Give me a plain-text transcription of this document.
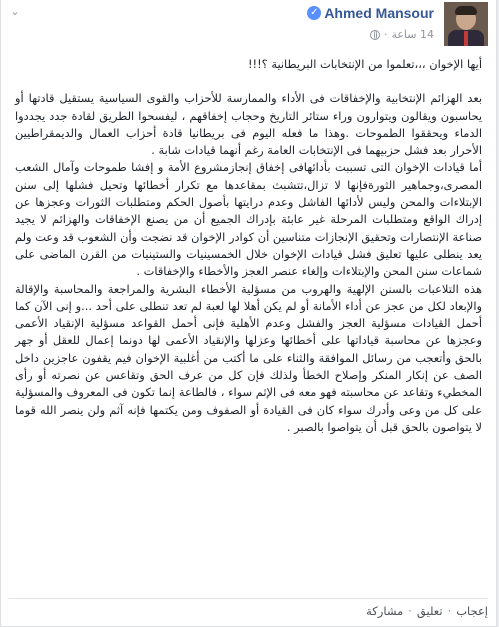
Ahmed Mansour
✓
14 ساعة
·
⌄

أيها الإخوان ،،،تعلموا من الإنتخابات البريطانية ؟!!!

بعد الهزائم الإنتخابية والإخفاقات فى الأداء والممارسة للأحزاب والقوى السياسية يستقيل قادتها أو يحاسبون ويقالون ويتوارون وراء ستائر التاريخ وحجاب إخفاقهم ، ليفسحوا الطريق لقادة جدد يجددوا الدماء ويحققوا الطموحات .وهذا ما فعله اليوم فى بريطانيا قادة أحزاب العمال والديمقراطيين الأحرار بعد فشل حزبيهما فى الإنتخابات العامة رغم أنهما قيادات شابة .

أما قيادات الإخوان التى تسببت بأدائهافى إخفاق إنجازمشروع الأمة و إفشا طموحات وآمال الشعب المصرى،وجماهير الثورةفإنها لا تزال،تتشبث بمقاعدها مع تكرار أخطائها وتحيل فشلها إلى سنن الإبتلاءات والمحن وليس لأدائها الفاشل وعدم درايتها بأصول الحكم ومتطلبات الثورات وعجزها عن إدراك الواقع ومتطلبات المرحلة غير عابئة بإدراك الجميع أن من يصنع الإخفاقات والهزائم لا يجيد صناعة الإنتصارات وتحقيق الإنجازات متناسين أن كوادر الإخوان قد نضجت وأن الشعوب قد وعت ولم يعد ينطلى عليها تعليق فشل قيادات الإخوان خلال الخمسينيات والستينيات من القرن الماضى على شماعات سنن المحن والإبتلاءات وإلغاء عنصر العجز والأخطاء والإخفاقات .

هذه التلاعبات بالسنن الإلهية والهروب من مسؤلية الأخطاء البشرية والمراجعة والمحاسبة والإقالة والإبعاد لكل من عجز عن أداء الأمانة أو لم يكن أهلا لها لعبة لم تعد تنطلى على أحد ...و إنى الآن كما أحمل القيادات مسؤلية العجز والفشل وعدم الأهلية فإنى أحمل القواعد مسؤلية الإنقياد الأعمى وعجزها عن محاسبة قياداتها على أخطائها وعزلها والإنقياد الأعمى لها دونما إعمال للعقل أو جهر بالحق وأتعجب من رسائل الموافقة والثناء على ما أكتب من أغلبية الإخوان فيم يقفون عاجزين داخل الصف عن إنكار المنكر وإصلاح الخطأ ولذلك فإن كل من عرف الحق وتقاعس عن نصرته أو رأى المخطيء وتقاعد عن محاسبته فهو معه فى الإثم سواء ، فالطاعة إنما تكون فى المعروف والمسؤلية على كل من وعى وأدرك سواء كان فى القيادة أو الصفوف ومن يكتمها فإنه آثم ولن ينصر الله قوما لا يتواصون بالحق قبل أن يتواصوا بالصبر .

إعجاب
·
تعليق
·
مشاركة
